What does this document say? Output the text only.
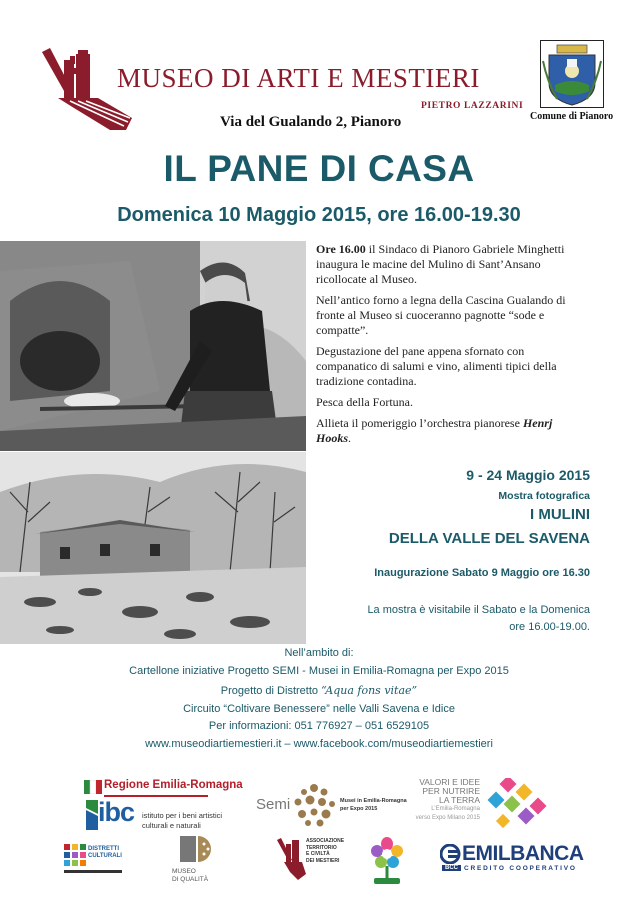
MUSEO DI ARTI E MESTIERI
PIETRO LAZZARINI
Via del Gualando 2, Pianoro	Comune di Pianoro
IL PANE DI CASA
Domenica 10 Maggio 2015, ore 16.00-19.30

Ore 16.00 il Sindaco di Pianoro Gabriele Minghetti inaugura le macine del Mulino di Sant’Ansano ricollocate al Museo.

Nell’antico forno a legna della Cascina Gualando di fronte al Museo si cuoceranno pagnotte “sode e compatte”.

Degustazione del pane appena sfornato con companatico di salumi e vino, alimenti tipici della tradizione contadina.

Pesca della Fortuna.

Allieta il pomeriggio l’orchestra pianorese Henrj Hooks.

9 - 24 Maggio 2015
Mostra fotografica
I MULINI
DELLA VALLE DEL SAVENA
Inaugurazione Sabato 9 Maggio ore 16.30
La mostra è visitabile il Sabato e la Domenica
ore 16.00-19.00.
Nell’ambito di:
Cartellone iniziative Progetto SEMI - Musei in Emilia-Romagna per Expo 2015
Progetto di Distretto “Aqua fons vitae”
Circuito “Coltivare Benessere” nelle Valli Savena e Idice
Per informazioni: 051 776927 – 051 6529105
www.museodiartiemestieri.it – www.facebook.com/museodiartiemestieri
Regione Emilia-Romagna
ibc istituto per i beni artistici
culturali e naturali
Semi	Musei in Emilia-Romagna
per Expo 2015
VALORI E IDEE
PER NUTRIRE
LA TERRA
L’Emilia-Romagna
verso Expo Milano 2015
DISTRETTI
CULTURALI
MUSEO
DI QUALITÀ
ASSOCIAZIONE
TERRITORIO
E CIVILTÀ
DEI MESTIERI	EMILBANCA
BCC CREDITO COOPERATIVO
